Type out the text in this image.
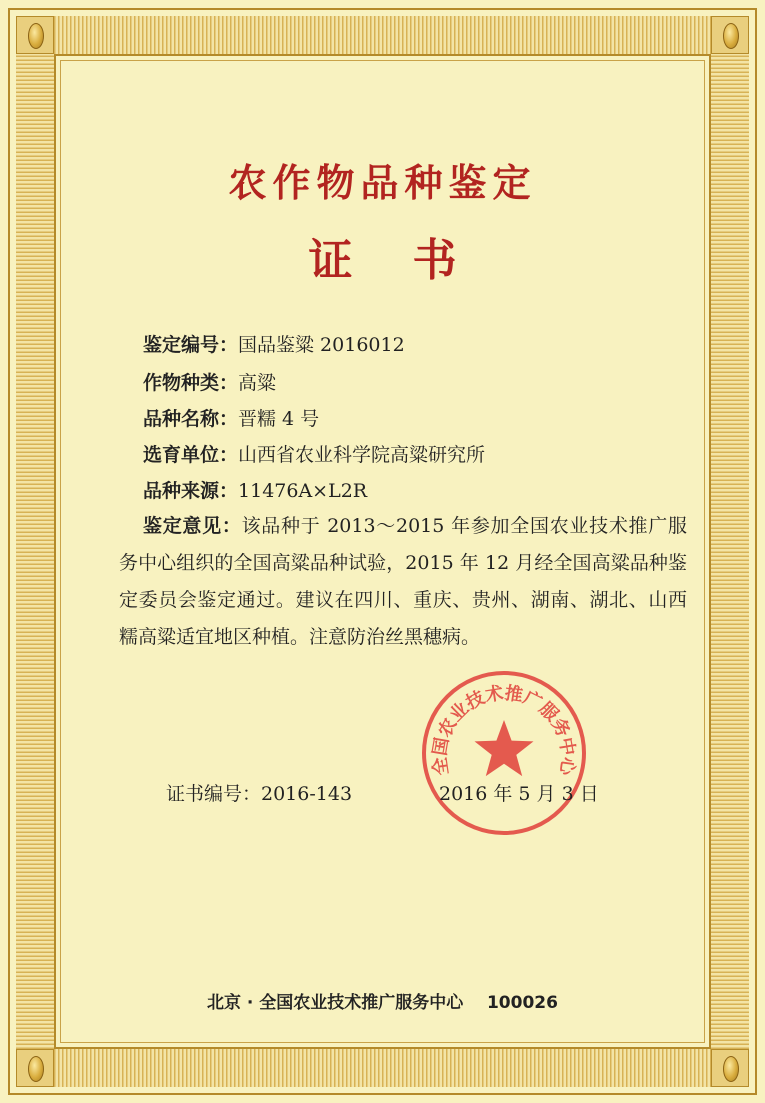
农作物品种鉴定
证书
鉴定编号：国品鉴粱 2016012
作物种类：高粱
品种名称：晋糯 4 号
选育单位：山西省农业科学院高粱研究所
品种来源：11476A×L2R
鉴定意见：该品种于 2013～2015 年参加全国农业技术推广服务中心组织的全国高粱品种试验，2015 年 12 月经全国高粱品种鉴定委员会鉴定通过。建议在四川、重庆、贵州、湖南、湖北、山西糯高粱适宜地区种植。注意防治丝黑穗病。
全国农业技术推广服务中心
证书编号：2016-143	2016 年 5 月 3 日
北京 · 全国农业技术推广服务中心    100026
